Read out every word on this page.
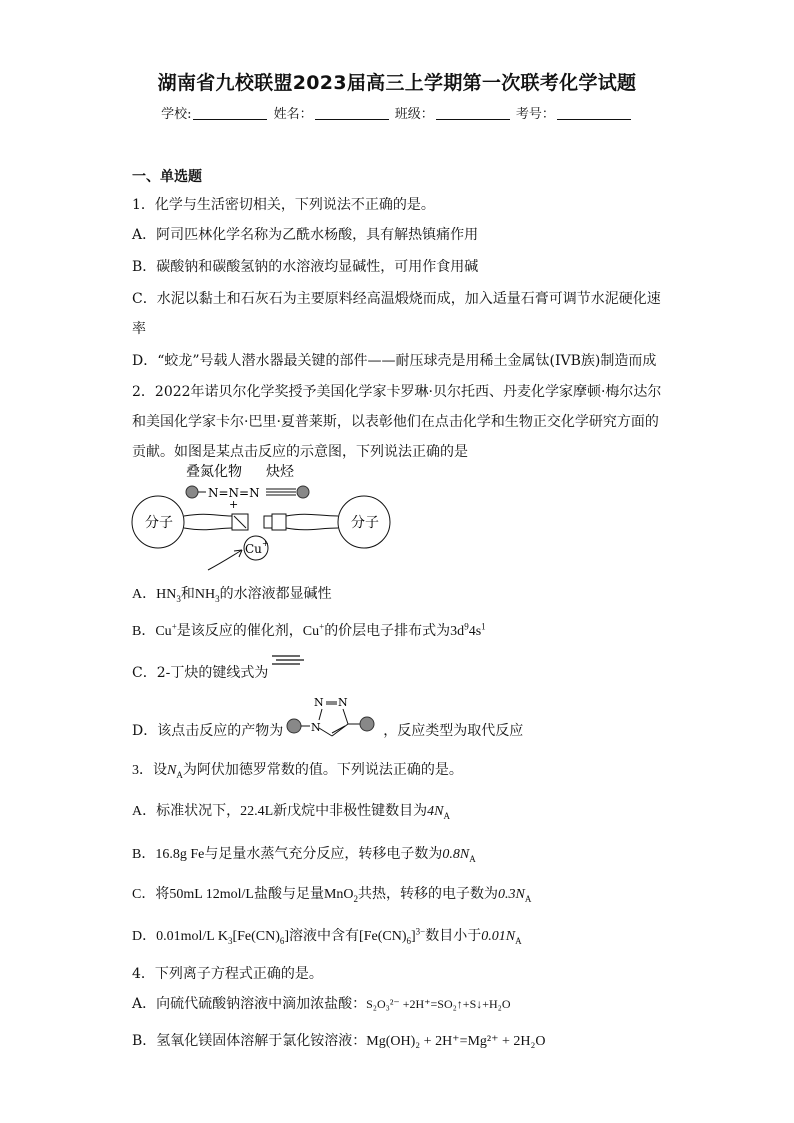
湖南省九校联盟2023届高三上学期第一次联考化学试题
学校:	姓名：	班级：	考号：
一、单选题
1．化学与生活密切相关，下列说法不正确的是。
A．阿司匹林化学名称为乙酰水杨酸，具有解热镇痛作用
B．碳酸钠和碳酸氢钠的水溶液均显碱性，可用作食用碱
C．水泥以黏土和石灰石为主要原料经高温煅烧而成，加入适量石膏可调节水泥硬化速
率
D．“蛟龙”号载人潜水器最关键的部件——耐压球壳是用稀土金属钛(IVB族)制造而成
2．2022年诺贝尔化学奖授予美国化学家卡罗琳·贝尔托西、丹麦化学家摩顿·梅尔达尔
和美国化学家卡尔·巴里·夏普莱斯，以表彰他们在点击化学和生物正交化学研究方面的
贡献。如图是某点击反应的示意图，下列说法正确的是
叠氮化物 炔烃
N=N=N
+
分子	分子
Cu +
A．$HN_3$和$NH_3$的水溶液都显碱性
B．Cu+是该反应的催化剂，Cu+的价层电子排布式为$3d^94s^1$
C．2-丁炔的键线式为
D．该点击反应的产物为	，反应类型为取代反应
N
N N
3．设$N_A$为阿伏加德罗常数的值。下列说法正确的是。
A．标准状况下，22.4L新戊烷中非极性键数目为$4N_A$
B．16.8g Fe与足量水蒸气充分反应，转移电子数为$0.8N_A$
C．将50mL 12mol/L盐酸与足量MnO$_2$共热，转移的电子数为$0.3N_A$
D．0.01mol/L $K_3[Fe(CN)_6]$溶液中含有$[Fe(CN)_6]^{3-}$数目小于$0.01N_A$
4．下列离子方程式正确的是。
A．向硫代硫酸钠溶液中滴加浓盐酸：S₂O₃²⁻ +2H⁺=SO₂↑+S↓+H₂O
B．氢氧化镁固体溶解于氯化铵溶液：Mg(OH)₂ + 2H⁺=Mg²⁺ + 2H₂O
